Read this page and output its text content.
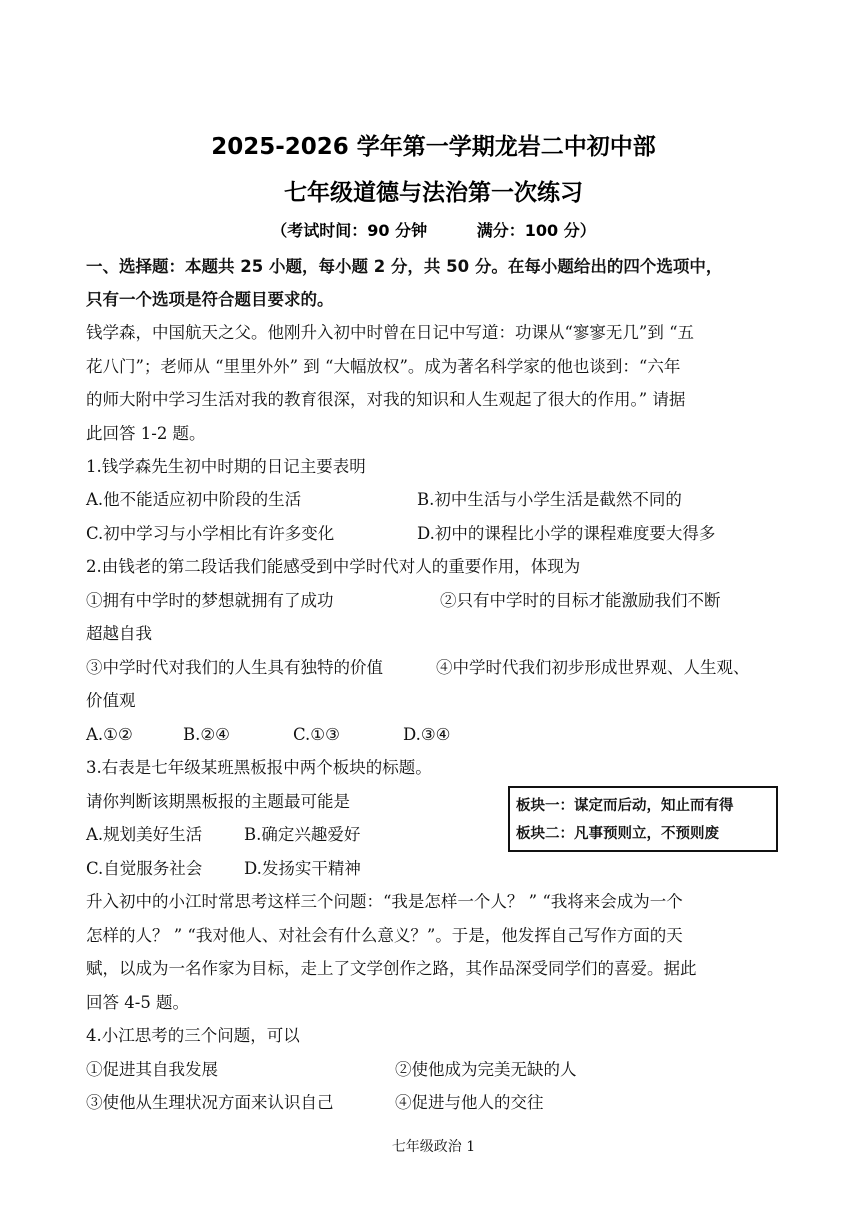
2025-2026 学年第一学期龙岩二中初中部
七年级道德与法治第一次练习
（考试时间：90 分钟	满分：100 分）
一、选择题：本题共 25 小题，每小题 2 分，共 50 分。在每小题给出的四个选项中，
只有一个选项是符合题目要求的。
钱学森，中国航天之父。他刚升入初中时曾在日记中写道：功课从“寥寥无几”到 “五
花八门”；老师从 “里里外外” 到 “大幅放权”。成为著名科学家的他也谈到：“六年
的师大附中学习生活对我的教育很深，对我的知识和人生观起了很大的作用。” 请据
此回答 1-2 题。
1.钱学森先生初中时期的日记主要表明
A.他不能适应初中阶段的生活	B.初中生活与小学生活是截然不同的
C.初中学习与小学相比有许多变化	D.初中的课程比小学的课程难度要大得多
2.由钱老的第二段话我们能感受到中学时代对人的重要作用，体现为
①拥有中学时的梦想就拥有了成功	②只有中学时的目标才能激励我们不断
超越自我
③中学时代对我们的人生具有独特的价值	④中学时代我们初步形成世界观、人生观、
价值观
A.①②	B.②④	C.①③	D.③④
3.右表是七年级某班黑板报中两个板块的标题。
请你判断该期黑板报的主题最可能是
A.规划美好生活	B.确定兴趣爱好
C.自觉服务社会	D.发扬实干精神
板块一：谋定而后动，知止而有得
板块二：凡事预则立，不预则废
升入初中的小江时常思考这样三个问题：“我是怎样一个人？ ” “我将来会成为一个
怎样的人？ ” “我对他人、对社会有什么意义？”。于是，他发挥自己写作方面的天
赋，以成为一名作家为目标，走上了文学创作之路，其作品深受同学们的喜爱。据此
回答 4-5 题。
4.小江思考的三个问题，可以
①促进其自我发展	②使他成为完美无缺的人
③使他从生理状况方面来认识自己	④促进与他人的交往
七年级政治 1
